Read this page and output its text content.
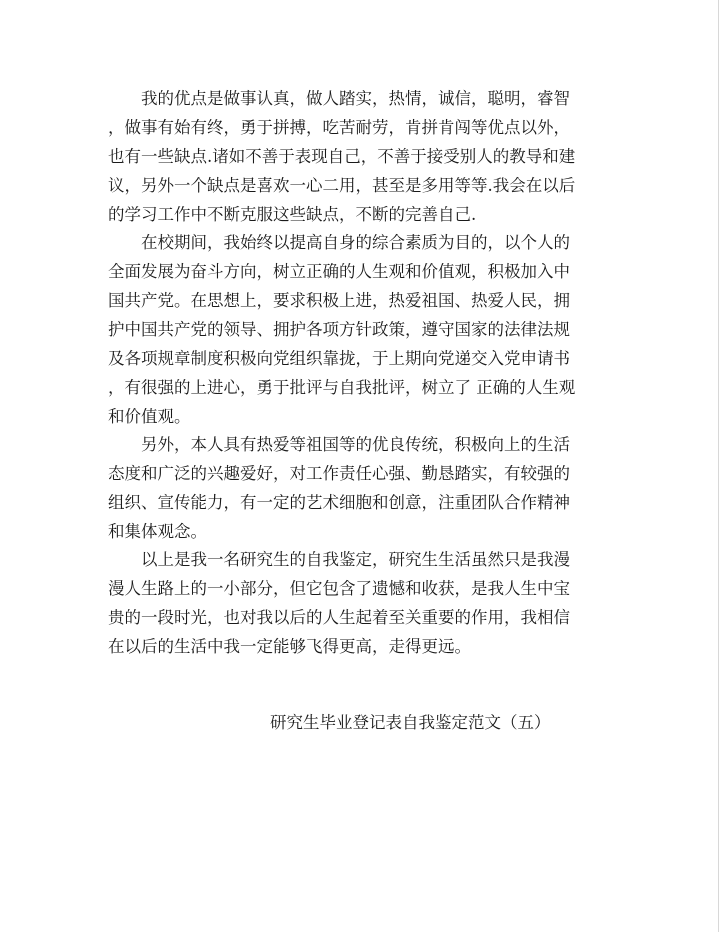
　　我的优点是做事认真，做人踏实，热情，诚信，聪明，睿智
，做事有始有终，勇于拼搏，吃苦耐劳，肯拼肯闯等优点以外，
也有一些缺点.诸如不善于表现自己，不善于接受别人的教导和建
议，另外一个缺点是喜欢一心二用，甚至是多用等等.我会在以后
的学习工作中不断克服这些缺点，不断的完善自己.
　　在校期间，我始终以提高自身的综合素质为目的，以个人的
全面发展为奋斗方向，树立正确的人生观和价值观，积极加入中
国共产党。在思想上，要求积极上进，热爱祖国、热爱人民，拥
护中国共产党的领导、拥护各项方针政策，遵守国家的法律法规
及各项规章制度积极向党组织靠拢，于上期向党递交入党申请书
，有很强的上进心，勇于批评与自我批评，树立了 正确的人生观
和价值观。
　　另外，本人具有热爱等祖国等的优良传统，积极向上的生活
态度和广泛的兴趣爱好，对工作责任心强、勤恳踏实，有较强的
组织、宣传能力，有一定的艺术细胞和创意，注重团队合作精神
和集体观念。
　　以上是我一名研究生的自我鉴定，研究生生活虽然只是我漫
漫人生路上的一小部分，但它包含了遗憾和收获，是我人生中宝
贵的一段时光，也对我以后的人生起着至关重要的作用，我相信
在以后的生活中我一定能够飞得更高，走得更远。
研究生毕业登记表自我鉴定范文（五）
